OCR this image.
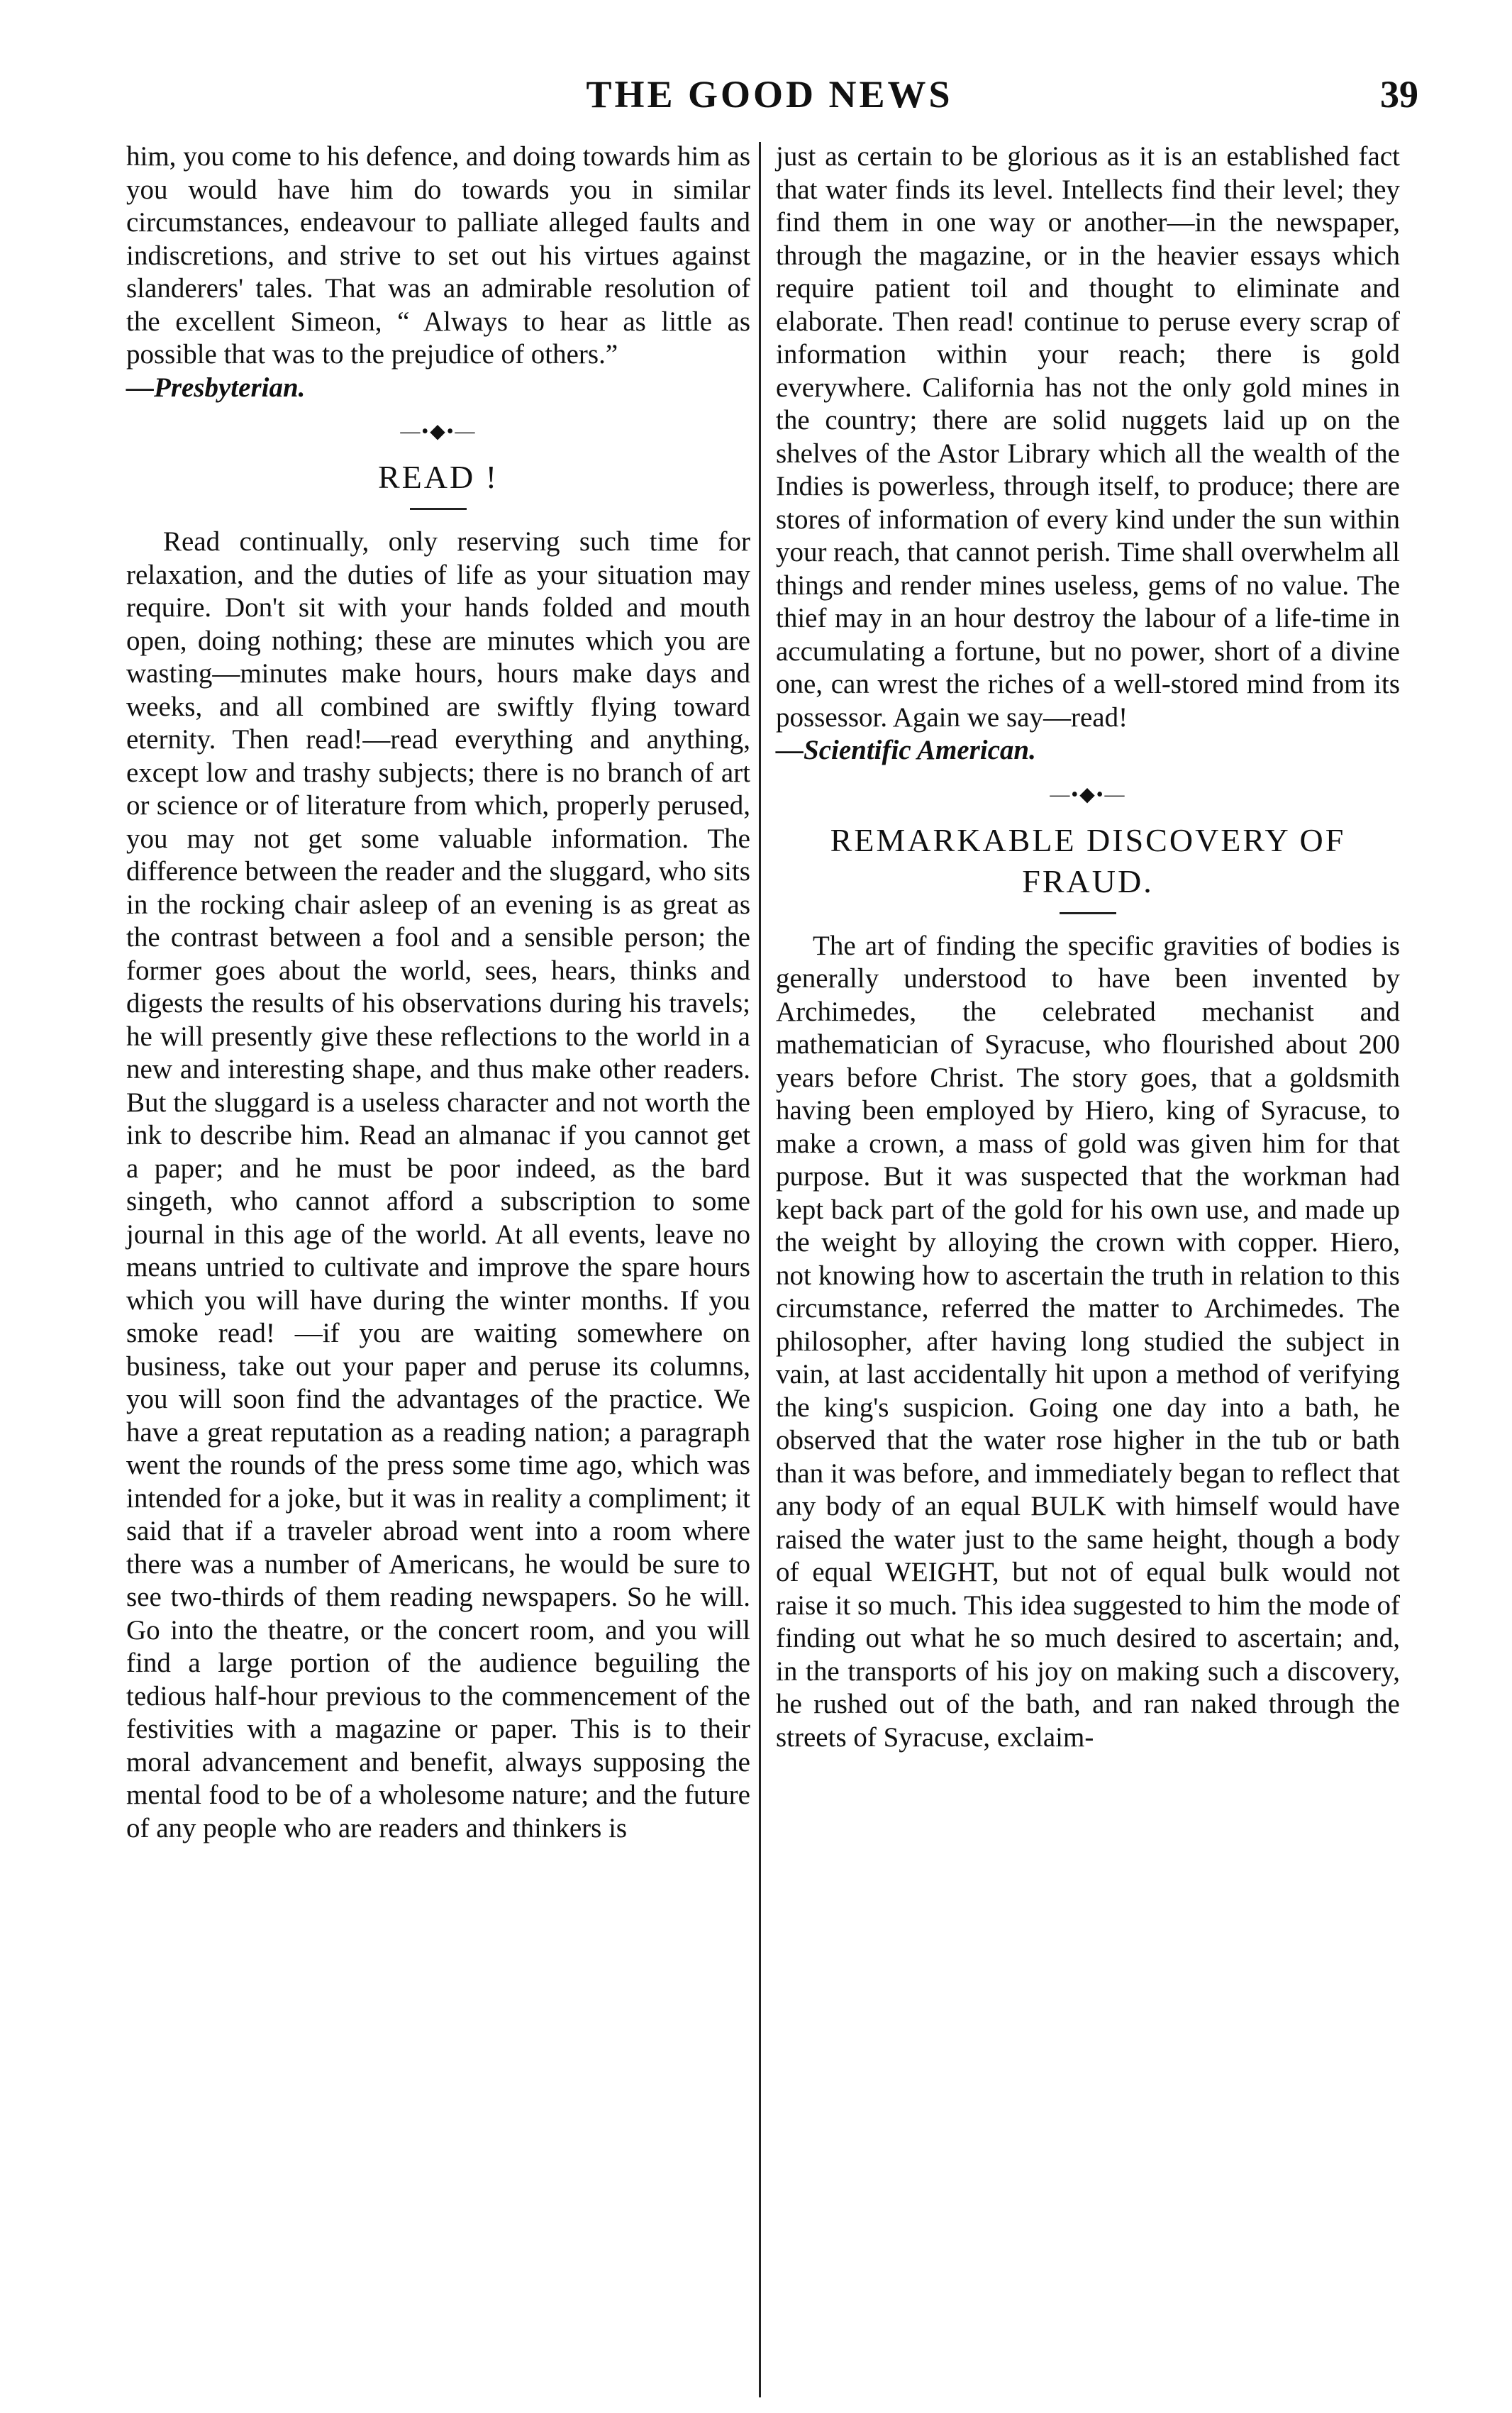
THE GOOD NEWS	39

him, you come to his defence, and doing towards him as you would have him do towards you in similar circumstances, endeavour to palliate alleged faults and indiscretions, and strive to set out his virtues against slanderers' tales. That was an admirable resolution of the excellent Simeon, “ Always to hear as little as possible that was to the prejudice of others.”

—Presbyterian.

—•◆•—
READ !

Read continually, only reserving such time for relaxation, and the duties of life as your situation may require. Don't sit with your hands folded and mouth open, doing nothing; these are minutes which you are wasting—minutes make hours, hours make days and weeks, and all combined are swiftly flying toward eternity. Then read!—read everything and anything, except low and trashy subjects; there is no branch of art or science or of literature from which, properly perused, you may not get some valuable information. The difference between the reader and the sluggard, who sits in the rocking chair asleep of an evening is as great as the contrast between a fool and a sensible person; the former goes about the world, sees, hears, thinks and digests the results of his observations during his travels; he will presently give these reflections to the world in a new and interesting shape, and thus make other readers. But the sluggard is a useless character and not worth the ink to describe him. Read an almanac if you cannot get a paper; and he must be poor indeed, as the bard singeth, who cannot afford a subscription to some journal in this age of the world. At all events, leave no means untried to cultivate and improve the spare hours which you will have during the winter months. If you smoke read! —if you are waiting somewhere on business, take out your paper and peruse its columns, you will soon find the advantages of the practice. We have a great reputation as a reading nation; a paragraph went the rounds of the press some time ago, which was intended for a joke, but it was in reality a compliment; it said that if a traveler abroad went into a room where there was a number of Americans, he would be sure to see two-thirds of them reading newspapers. So he will. Go into the theatre, or the concert room, and you will find a large portion of the audience beguiling the tedious half-hour previous to the commencement of the festivities with a magazine or paper. This is to their moral advancement and benefit, always supposing the mental food to be of a wholesome nature; and the future of any people who are readers and thinkers is

just as certain to be glorious as it is an established fact that water finds its level. Intellects find their level; they find them in one way or another—in the newspaper, through the magazine, or in the heavier essays which require patient toil and thought to eliminate and elaborate. Then read! continue to peruse every scrap of information within your reach; there is gold everywhere. California has not the only gold mines in the country; there are solid nuggets laid up on the shelves of the Astor Library which all the wealth of the Indies is powerless, through itself, to produce; there are stores of information of every kind under the sun within your reach, that cannot perish. Time shall overwhelm all things and render mines useless, gems of no value. The thief may in an hour destroy the labour of a life-time in accumulating a fortune, but no power, short of a divine one, can wrest the riches of a well-stored mind from its possessor. Again we say—read!

—Scientific American.

—•◆•—
REMARKABLE DISCOVERY OF FRAUD.

The art of finding the specific gravities of bodies is generally understood to have been invented by Archimedes, the celebrated mechanist and mathematician of Syracuse, who flourished about 200 years before Christ. The story goes, that a goldsmith having been employed by Hiero, king of Syracuse, to make a crown, a mass of gold was given him for that purpose. But it was suspected that the workman had kept back part of the gold for his own use, and made up the weight by alloying the crown with copper. Hiero, not knowing how to ascertain the truth in relation to this circumstance, referred the matter to Archimedes. The philosopher, after having long studied the subject in vain, at last accidentally hit upon a method of verifying the king's suspicion. Going one day into a bath, he observed that the water rose higher in the tub or bath than it was before, and immediately began to reflect that any body of an equal BULK with himself would have raised the water just to the same height, though a body of equal WEIGHT, but not of equal bulk would not raise it so much. This idea suggested to him the mode of finding out what he so much desired to ascertain; and, in the transports of his joy on making such a discovery, he rushed out of the bath, and ran naked through the streets of Syracuse, exclaim-
